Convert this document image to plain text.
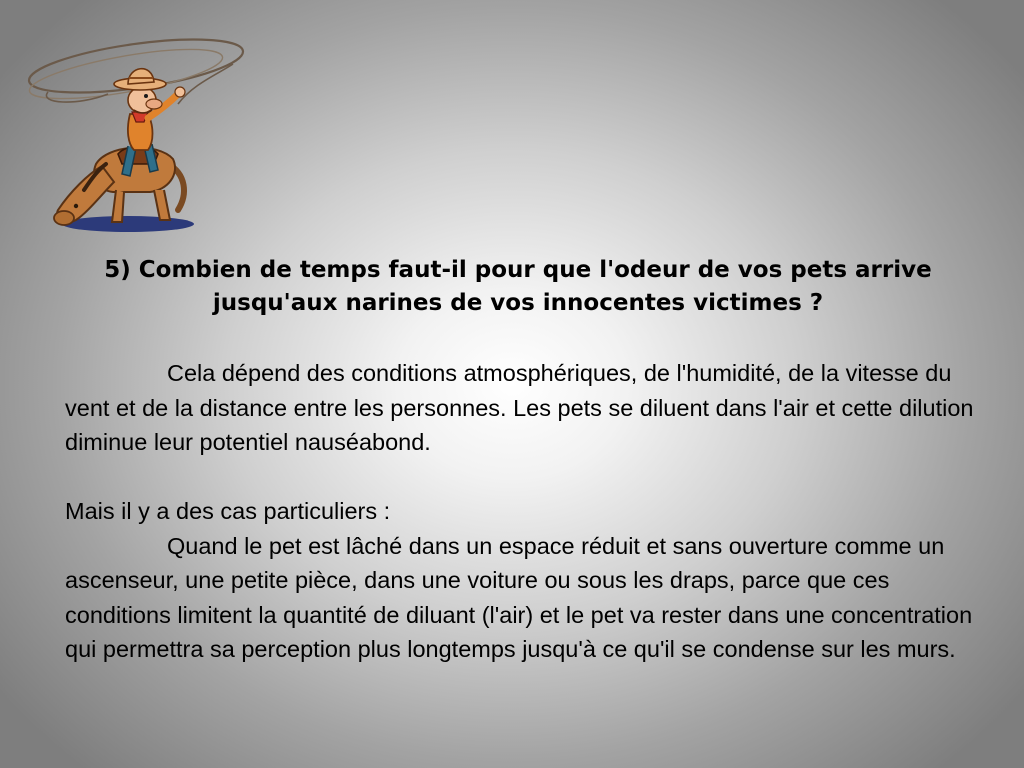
5) Combien de temps faut-il pour que l'odeur de vos pets arrive jusqu'aux narines de vos innocentes victimes ?

Cela dépend des conditions atmosphériques, de l'humidité, de la vitesse du vent et de la distance entre les personnes. Les pets se diluent dans l'air et cette dilution diminue leur potentiel nauséabond.

Mais il y a des cas particuliers :

Quand le pet est lâché dans un espace réduit et sans ouverture comme un ascenseur, une petite pièce, dans une voiture ou sous les draps, parce que ces conditions limitent la quantité de diluant (l'air) et le pet va rester dans une concentration qui permettra sa perception plus longtemps jusqu'à ce qu'il se condense sur les murs.
